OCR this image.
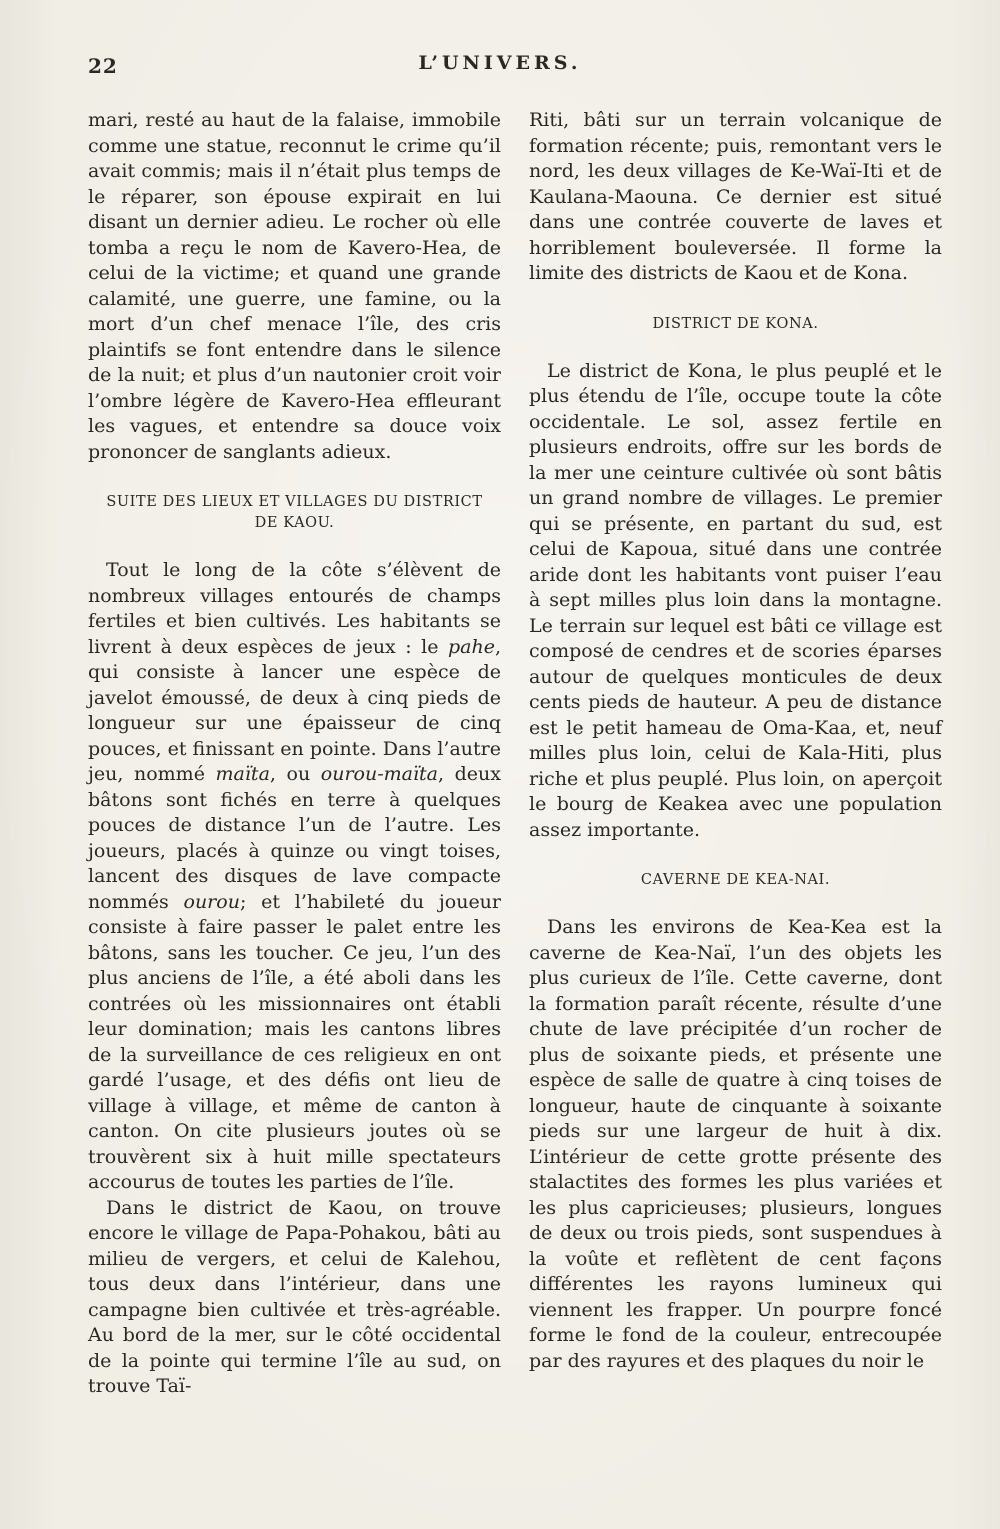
22	L’UNIVERS.

mari, resté au haut de la falaise, immobile comme une statue, reconnut le crime qu’il avait commis; mais il n’était plus temps de le réparer, son épouse expirait en lui disant un dernier adieu. Le rocher où elle tomba a reçu le nom de Kavero-Hea, de celui de la victime; et quand une grande calamité, une guerre, une famine, ou la mort d’un chef menace l’île, des cris plaintifs se font entendre dans le silence de la nuit; et plus d’un nautonier croit voir l’ombre légère de Kavero-Hea effleurant les vagues, et entendre sa douce voix prononcer de sanglants adieux.

SUITE DES LIEUX ET VILLAGES DU DISTRICT
DE KAOU.

Tout le long de la côte s’élèvent de nombreux villages entourés de champs fertiles et bien cultivés. Les habitants se livrent à deux espèces de jeux : le pahe, qui consiste à lancer une espèce de javelot émoussé, de deux à cinq pieds de longueur sur une épaisseur de cinq pouces, et finissant en pointe. Dans l’autre jeu, nommé maïta, ou ourou-maïta, deux bâtons sont fichés en terre à quelques pouces de distance l’un de l’autre. Les joueurs, placés à quinze ou vingt toises, lancent des disques de lave compacte nommés ourou; et l’habileté du joueur consiste à faire passer le palet entre les bâtons, sans les toucher. Ce jeu, l’un des plus anciens de l’île, a été aboli dans les contrées où les missionnaires ont établi leur domination; mais les cantons libres de la surveillance de ces religieux en ont gardé l’usage, et des défis ont lieu de village à village, et même de canton à canton. On cite plusieurs joutes où se trouvèrent six à huit mille spectateurs accourus de toutes les parties de l’île.

Dans le district de Kaou, on trouve encore le village de Papa-Pohakou, bâti au milieu de vergers, et celui de Kalehou, tous deux dans l’intérieur, dans une campagne bien cultivée et très-agréable. Au bord de la mer, sur le côté occidental de la pointe qui termine l’île au sud, on trouve Taï-

Riti, bâti sur un terrain volcanique de formation récente; puis, remontant vers le nord, les deux villages de Ke-Waï-Iti et de Kaulana-Maouna. Ce dernier est situé dans une contrée couverte de laves et horriblement bouleversée. Il forme la limite des districts de Kaou et de Kona.

DISTRICT DE KONA.

Le district de Kona, le plus peuplé et le plus étendu de l’île, occupe toute la côte occidentale. Le sol, assez fertile en plusieurs endroits, offre sur les bords de la mer une ceinture cultivée où sont bâtis un grand nombre de villages. Le premier qui se présente, en partant du sud, est celui de Kapoua, situé dans une contrée aride dont les habitants vont puiser l’eau à sept milles plus loin dans la montagne. Le terrain sur lequel est bâti ce village est composé de cendres et de scories éparses autour de quelques monticules de deux cents pieds de hauteur. A peu de distance est le petit hameau de Oma-Kaa, et, neuf milles plus loin, celui de Kala-Hiti, plus riche et plus peuplé. Plus loin, on aperçoit le bourg de Keakea avec une population assez importante.

CAVERNE DE KEA-NAI.

Dans les environs de Kea-Kea est la caverne de Kea-Naï, l’un des objets les plus curieux de l’île. Cette caverne, dont la formation paraît récente, résulte d’une chute de lave précipitée d’un rocher de plus de soixante pieds, et présente une espèce de salle de quatre à cinq toises de longueur, haute de cinquante à soixante pieds sur une largeur de huit à dix. L’intérieur de cette grotte présente des stalactites des formes les plus variées et les plus capricieuses; plusieurs, longues de deux ou trois pieds, sont suspendues à la voûte et reflètent de cent façons différentes les rayons lumineux qui viennent les frapper. Un pourpre foncé forme le fond de la couleur, entrecoupée par des rayures et des plaques du noir le
